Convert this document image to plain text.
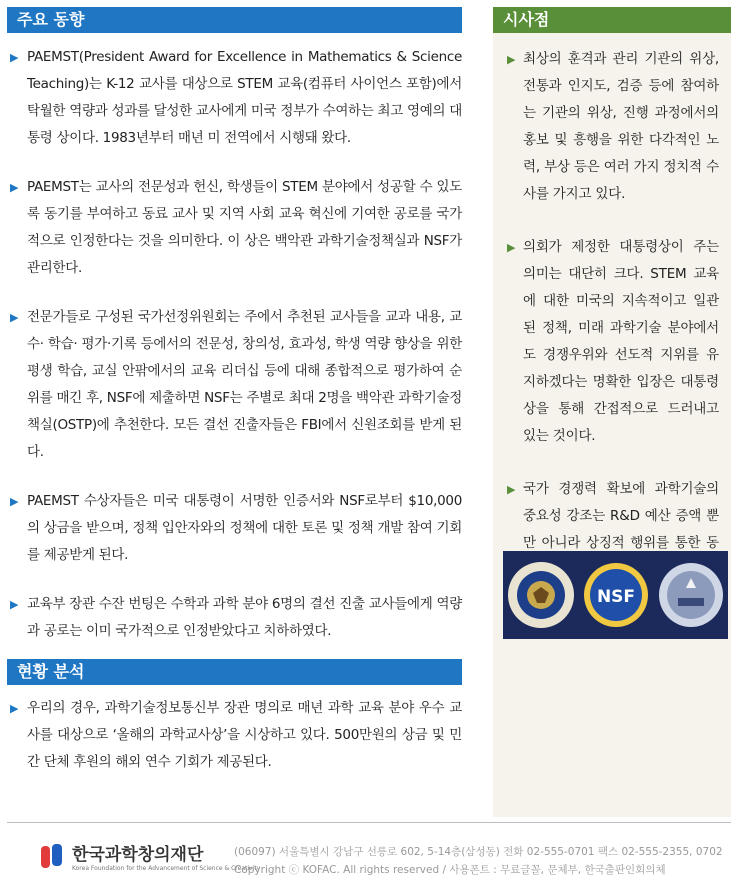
주요 동향
▶ PAEMST(President Award for Excellence in Mathematics & Science Teaching)는 K-12 교사를 대상으로 STEM 교육(컴퓨터 사이언스 포함)에서 탁월한 역량과 성과를 달성한 교사에게 미국 정부가 수여하는 최고 영예의 대통령 상이다. 1983년부터 매년 미 전역에서 시행돼 왔다.
▶ PAEMST는 교사의 전문성과 헌신, 학생들이 STEM 분야에서 성공할 수 있도록 동기를 부여하고 동료 교사 및 지역 사회 교육 혁신에 기여한 공로를 국가적으로 인정한다는 것을 의미한다. 이 상은 백악관 과학기술정책실과 NSF가 관리한다.
▶ 전문가들로 구성된 국가선정위원회는 주에서 추천된 교사들을 교과 내용, 교수· 학습· 평가·기록 등에서의 전문성, 창의성, 효과성, 학생 역량 향상을 위한 평생 학습, 교실 안팎에서의 교육 리더십 등에 대해 종합적으로 평가하여 순위를 매긴 후, NSF에 제출하면 NSF는 주별로 최대 2명을 백악관 과학기술정책실(OSTP)에 추천한다. 모든 결선 진출자들은 FBI에서 신원조회를 받게 된다.
▶ PAEMST 수상자들은 미국 대통령이 서명한 인증서와 NSF로부터 $10,000의 상금을 받으며, 정책 입안자와의 정책에 대한 토론 및 정책 개발 참여 기회를 제공받게 된다.
▶ 교육부 장관 수잔 번팅은 수학과 과학 분야 6명의 결선 진출 교사들에게 역량과 공로는 이미 국가적으로 인정받았다고 치하하였다.
현황 분석
▶ 우리의 경우, 과학기술정보통신부 장관 명의로 매년 과학 교육 분야 우수 교사를 대상으로 ‘올해의 과학교사상’을 시상하고 있다. 500만원의 상금 및 민간 단체 후원의 해외 연수 기회가 제공된다.
시사점
▶ 최상의 훈격과 관리 기관의 위상, 전통과 인지도, 검증 등에 참여하는 기관의 위상, 진행 과정에서의 홍보 및 흥행을 위한 다각적인 노력, 부상 등은 여러 가지 정치적 수사를 가지고 있다.
▶ 의회가 제정한 대통령상이 주는 의미는 대단히 크다. STEM 교육에 대한 미국의 지속적이고 일관된 정책, 미래 과학기술 분야에서도 경쟁우위와 선도적 지위를 유지하겠다는 명확한 입장은 대통령상을 통해 간접적으로 드러내고 있는 것이다.
▶ 국가 경쟁력 확보에 과학기술의 중요성 강조는 R&D 예산 증액 뿐만 아니라 상징적 행위를 통한 동
NSF
한국과학창의재단
Korea Foundation for the Advancement of Science & Creativity
(06097) 서울특별시 강남구 선릉로 602, 5-14층(삼성동) 전화 02-555-0701 팩스 02-555-2355, 0702
Copyright ⓒ KOFAC. All rights reserved / 사용폰트 : 무료글꼴, 문체부, 한국출판인회의체
